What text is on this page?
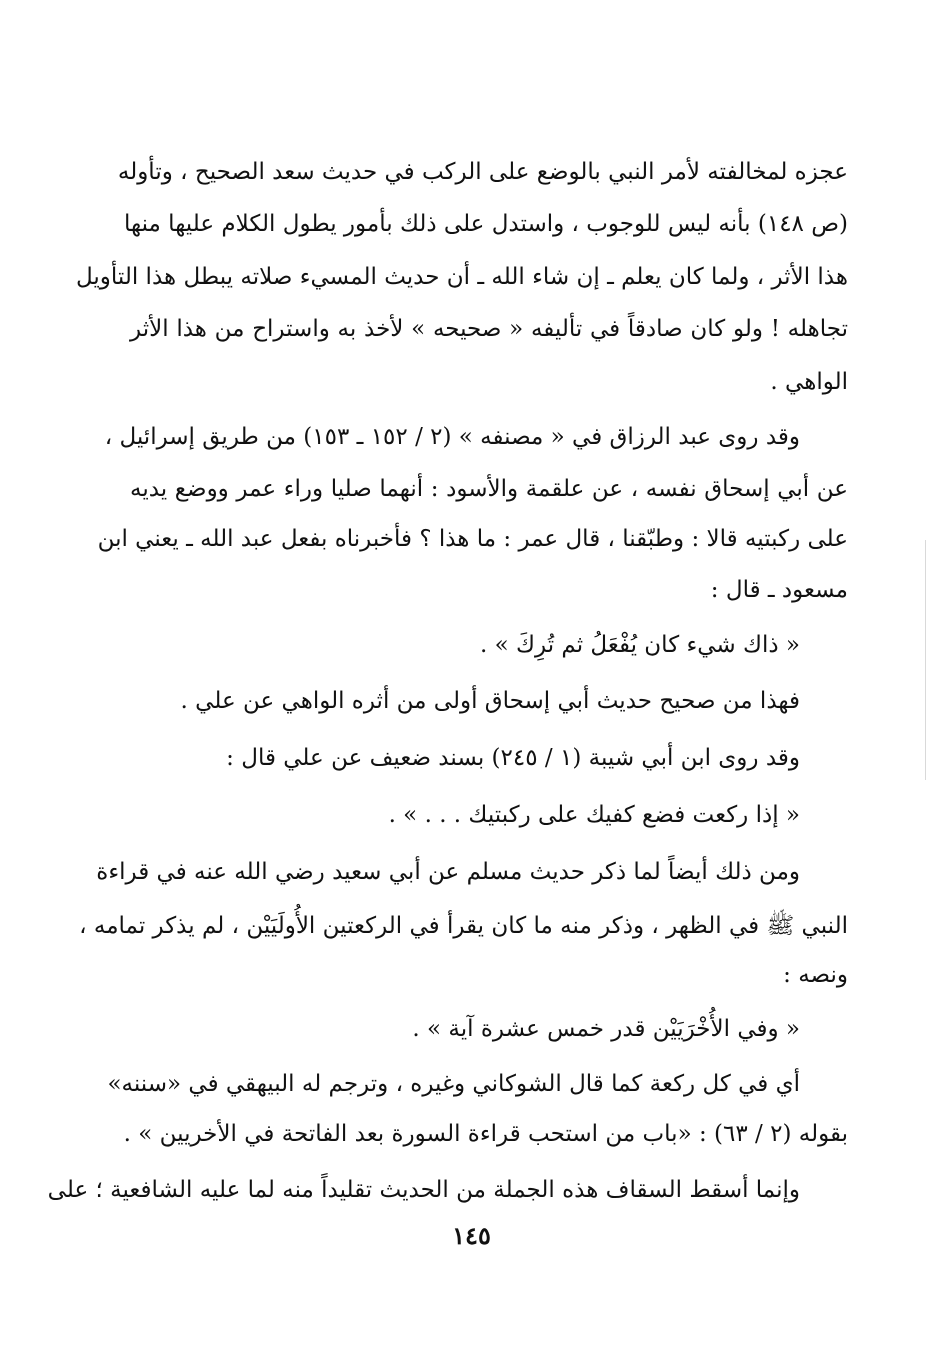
عجزه لمخالفته لأمر النبي بالوضع على الركب في حديث سعد الصحيح ، وتأوله
(ص ١٤٨) بأنه ليس للوجوب ، واستدل على ذلك بأمور يطول الكلام عليها منها
هذا الأثر ، ولما كان يعلم ـ إن شاء الله ـ أن حديث المسيء صلاته يبطل هذا التأويل
تجاهله ! ولو كان صادقاً في تأليفه « صحيحه » لأخذ به واستراح من هذا الأثر
الواهي .
وقد روى عبد الرزاق في « مصنفه » (٢ / ١٥٢ ـ ١٥٣) من طريق إسرائيل ،
عن أبي إسحاق نفسه ، عن علقمة والأسود : أنهما صليا وراء عمر ووضع يديه
على ركبتيه قالا : وطبّقنا ، قال عمر : ما هذا ؟ فأخبرناه بفعل عبد الله ـ يعني ابن
مسعود ـ قال :
« ذاك شيء كان يُفْعَلُ ثم تُرِكَ » .
فهذا من صحيح حديث أبي إسحاق أولى من أثره الواهي عن علي .
وقد روى ابن أبي شيبة (١ / ٢٤٥) بسند ضعيف عن علي قال :
« إذا ركعت فضع كفيك على ركبتيك . . . » .
ومن ذلك أيضاً لما ذكر حديث مسلم عن أبي سعيد رضي الله عنه في قراءة
النبي ﷺ في الظهر ، وذكر منه ما كان يقرأ في الركعتين الأُولَيَيْن ، لم يذكر تمامه ،
ونصه :
« وفي الأُخْرَيَيْن قدر خمس عشرة آية » .
أي في كل ركعة كما قال الشوكاني وغيره ، وترجم له البيهقي في «سننه»
بقوله (٢ / ٦٣) : «باب من استحب قراءة السورة بعد الفاتحة في الأخريين » .
وإنما أسقط السقاف هذه الجملة من الحديث تقليداً منه لما عليه الشافعية ؛ على
١٤٥
